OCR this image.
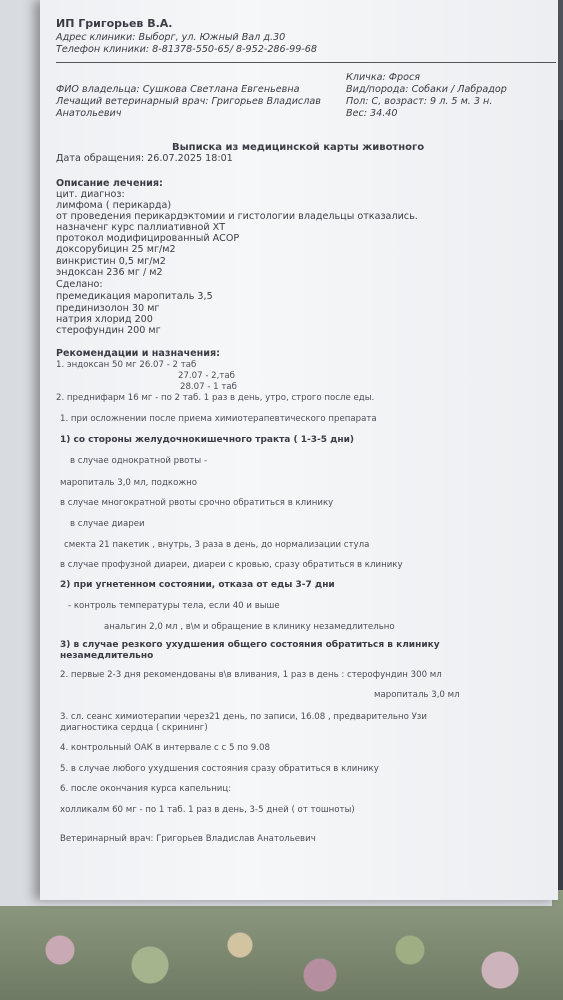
ИП Григорьев В.А.
Адрес клиники: Выборг, ул. Южный Вал д.30
Телефон клиники: 8-81378-550-65/ 8-952-286-99-68
Кличка: Фрося
ФИО владельца: Сушкова Светлана Евгеньевна	Вид/порода: Собаки / Лабрадор
Лечащий ветеринарный врач: Григорьев Владислав	Пол: С, возраст: 9 л. 5 м. 3 н.
Анатольевич	Вес: 34.40
Выписка из медицинской карты животного
Дата обращения: 26.07.2025 18:01
Описание лечения:
цит. диагноз:
лимфома ( перикарда)
от проведения перикардэктомии и гистологии владельцы отказались.
назначенг курс паллиативной ХТ
протокол модифицированный АСОР
доксорубицин 25 мг/м2
винкристин 0,5 мг/м2
эндоксан 236 мг / м2
Сделано:
премедикация маропиталь 3,5
прединизолон 30 мг
натрия хлорид 200
стерофундин 200 мг
Рекомендации и назначения:
1. эндоксан 50 мг 26.07 - 2 таб
27.07 - 2,таб
28.07 - 1 таб
2. преднифарм 16 мг - по 2 таб. 1 раз в день, утро, строго после еды.
1. при осложнении после приема химиотерапевтического препарата
1) со стороны желудочнокишечного тракта ( 1-3-5 дни)
в случае однократной рвоты -
маропиталь 3,0 мл, подкожно
в случае многократной рвоты срочно обратиться в клинику
в случае диареи
смекта 21 пакетик , внутрь, 3 раза в день, до нормализации стула
в случае профузной диареи, диареи с кровью, сразу обратиться в клинику
2) при угнетенном состоянии, отказа от еды 3-7 дни
- контроль температуры тела, если 40 и выше
анальгин 2,0 мл , в\м и обращение в клинику незамедлительно
3) в случае резкого ухудшения общего состояния обратиться в клинику
незамедлительно
2. первые 2-3 дня рекомендованы в\в вливания, 1 раз в день : стерофундин 300 мл
маропиталь 3,0 мл
3. сл. сеанс химиотерапии через21 день, по записи, 16.08 , предварительно Узи
диагностика сердца ( скрининг)
4. контрольный ОАК в интервале с с 5 по 9.08
5. в случае любого ухудшения состояния сразу обратиться в клинику
6. после окончания курса капельниц:
холликалм 60 мг - по 1 таб. 1 раз в день, 3-5 дней ( от тошноты)
Ветеринарный врач: Григорьев Владислав Анатольевич
